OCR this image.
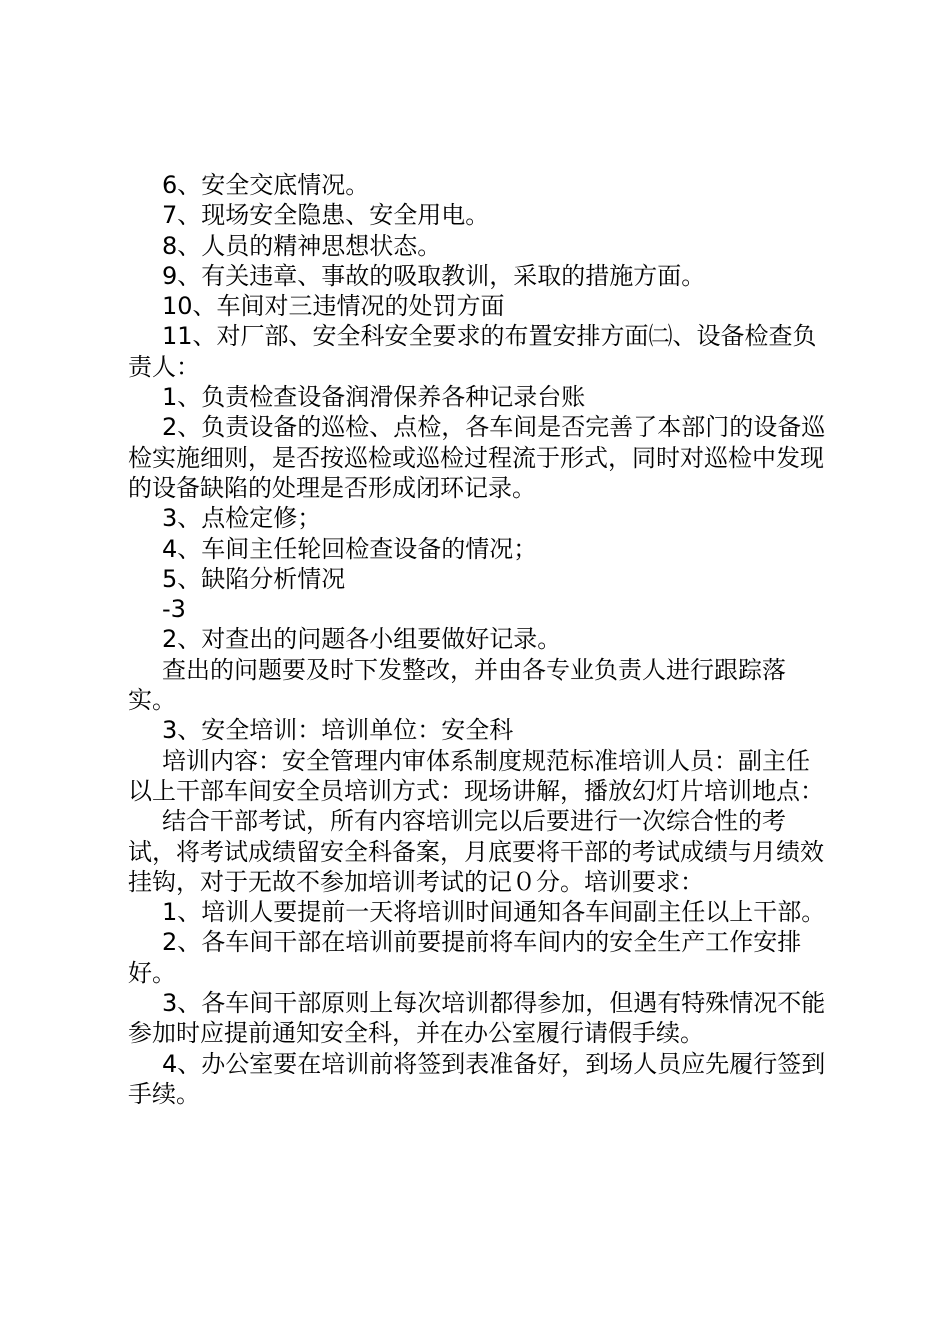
6、安全交底情况。

7、现场安全隐患、安全用电。

8、人员的精神思想状态。

9、有关违章、事故的吸取教训，采取的措施方面。

10、车间对三违情况的处罚方面

11、对厂部、安全科安全要求的布置安排方面㈡、设备检查负责人：

1、负责检查设备润滑保养各种记录台账

2、负责设备的巡检、点检，各车间是否完善了本部门的设备巡检实施细则，是否按巡检或巡检过程流于形式，同时对巡检中发现的设备缺陷的处理是否形成闭环记录。

3、点检定修；

4、车间主任轮回检查设备的情况；

5、缺陷分析情况

-3

2、对查出的问题各小组要做好记录。

查出的问题要及时下发整改，并由各专业负责人进行跟踪落实。

3、安全培训：培训单位：安全科

培训内容：安全管理内审体系制度规范标准培训人员：副主任以上干部车间安全员培训方式：现场讲解，播放幻灯片培训地点：

结合干部考试，所有内容培训完以后要进行一次综合性的考试，将考试成绩留安全科备案，月底要将干部的考试成绩与月绩效挂钩，对于无故不参加培训考试的记０分。培训要求：

1、培训人要提前一天将培训时间通知各车间副主任以上干部。

2、各车间干部在培训前要提前将车间内的安全生产工作安排好。

3、各车间干部原则上每次培训都得参加，但遇有特殊情况不能参加时应提前通知安全科，并在办公室履行请假手续。

4、办公室要在培训前将签到表准备好，到场人员应先履行签到手续。
